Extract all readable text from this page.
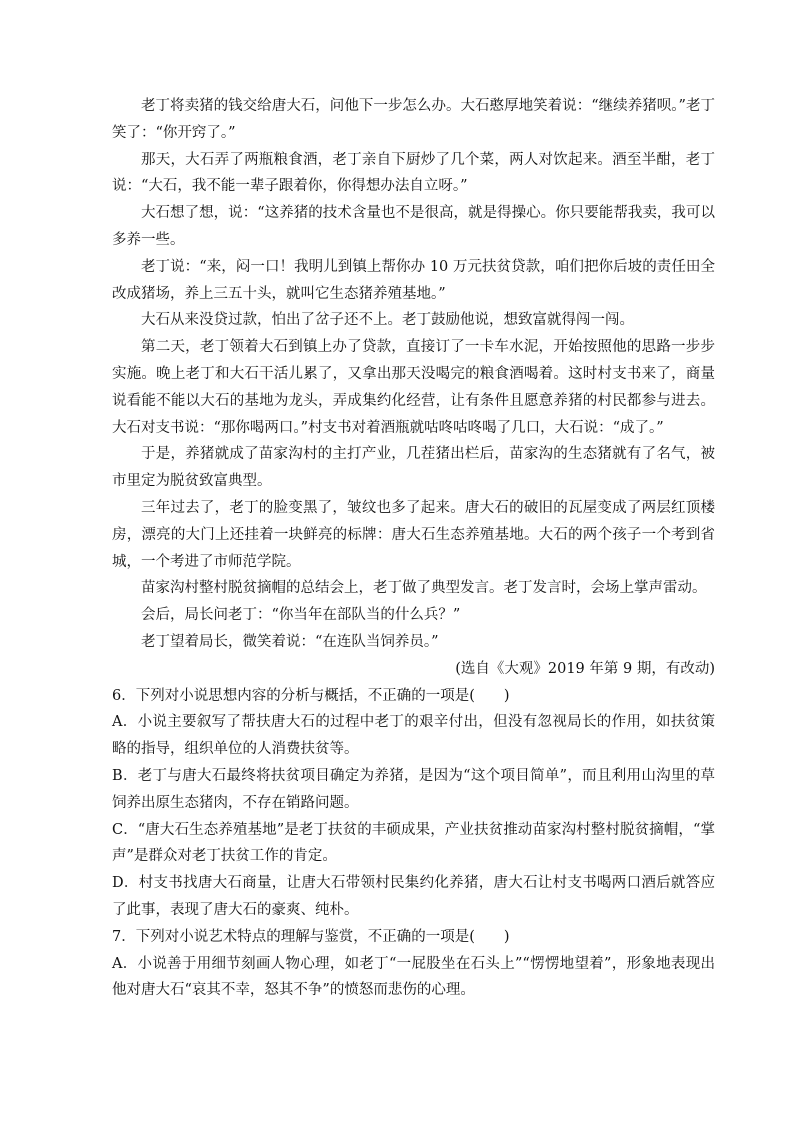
老丁将卖猪的钱交给唐大石，问他下一步怎么办。大石憨厚地笑着说：“继续养猪呗。”老丁笑了：“你开窍了。”

那天，大石弄了两瓶粮食酒，老丁亲自下厨炒了几个菜，两人对饮起来。酒至半酣，老丁说：“大石，我不能一辈子跟着你，你得想办法自立呀。”

大石想了想，说：“这养猪的技术含量也不是很高，就是得操心。你只要能帮我卖，我可以多养一些。

老丁说：“来，闷一口！我明儿到镇上帮你办 10 万元扶贫贷款，咱们把你后坡的责任田全改成猪场，养上三五十头，就叫它生态猪养殖基地。”

大石从来没贷过款，怕出了岔子还不上。老丁鼓励他说，想致富就得闯一闯。

第二天，老丁领着大石到镇上办了贷款，直接订了一卡车水泥，开始按照他的思路一步步实施。晚上老丁和大石干活儿累了，又拿出那天没喝完的粮食酒喝着。这时村支书来了，商量说看能不能以大石的基地为龙头，弄成集约化经营，让有条件且愿意养猪的村民都参与进去。大石对支书说：“那你喝两口。”村支书对着酒瓶就咕咚咕咚喝了几口，大石说：“成了。”

于是，养猪就成了苗家沟村的主打产业，几茬猪出栏后，苗家沟的生态猪就有了名气，被市里定为脱贫致富典型。

三年过去了，老丁的脸变黑了，皱纹也多了起来。唐大石的破旧的瓦屋变成了两层红顶楼房，漂亮的大门上还挂着一块鲜亮的标牌：唐大石生态养殖基地。大石的两个孩子一个考到省城，一个考进了市师范学院。

苗家沟村整村脱贫摘帽的总结会上，老丁做了典型发言。老丁发言时，会场上掌声雷动。

会后，局长问老丁：“你当年在部队当的什么兵？”

老丁望着局长，微笑着说：“在连队当饲养员。”

(选自《大观》2019 年第 9 期，有改动)

6．下列对小说思想内容的分析与概括，不正确的一项是(　　)

A．小说主要叙写了帮扶唐大石的过程中老丁的艰辛付出，但没有忽视局长的作用，如扶贫策略的指导，组织单位的人消费扶贫等。

B．老丁与唐大石最终将扶贫项目确定为养猪，是因为“这个项目简单”，而且利用山沟里的草饲养出原生态猪肉，不存在销路问题。

C．“唐大石生态养殖基地”是老丁扶贫的丰硕成果，产业扶贫推动苗家沟村整村脱贫摘帽，“掌声”是群众对老丁扶贫工作的肯定。

D．村支书找唐大石商量，让唐大石带领村民集约化养猪，唐大石让村支书喝两口酒后就答应了此事，表现了唐大石的豪爽、纯朴。

7．下列对小说艺术特点的理解与鉴赏，不正确的一项是(　　)

A．小说善于用细节刻画人物心理，如老丁“一屁股坐在石头上”“愣愣地望着”，形象地表现出他对唐大石“哀其不幸，怒其不争”的愤怒而悲伤的心理。
